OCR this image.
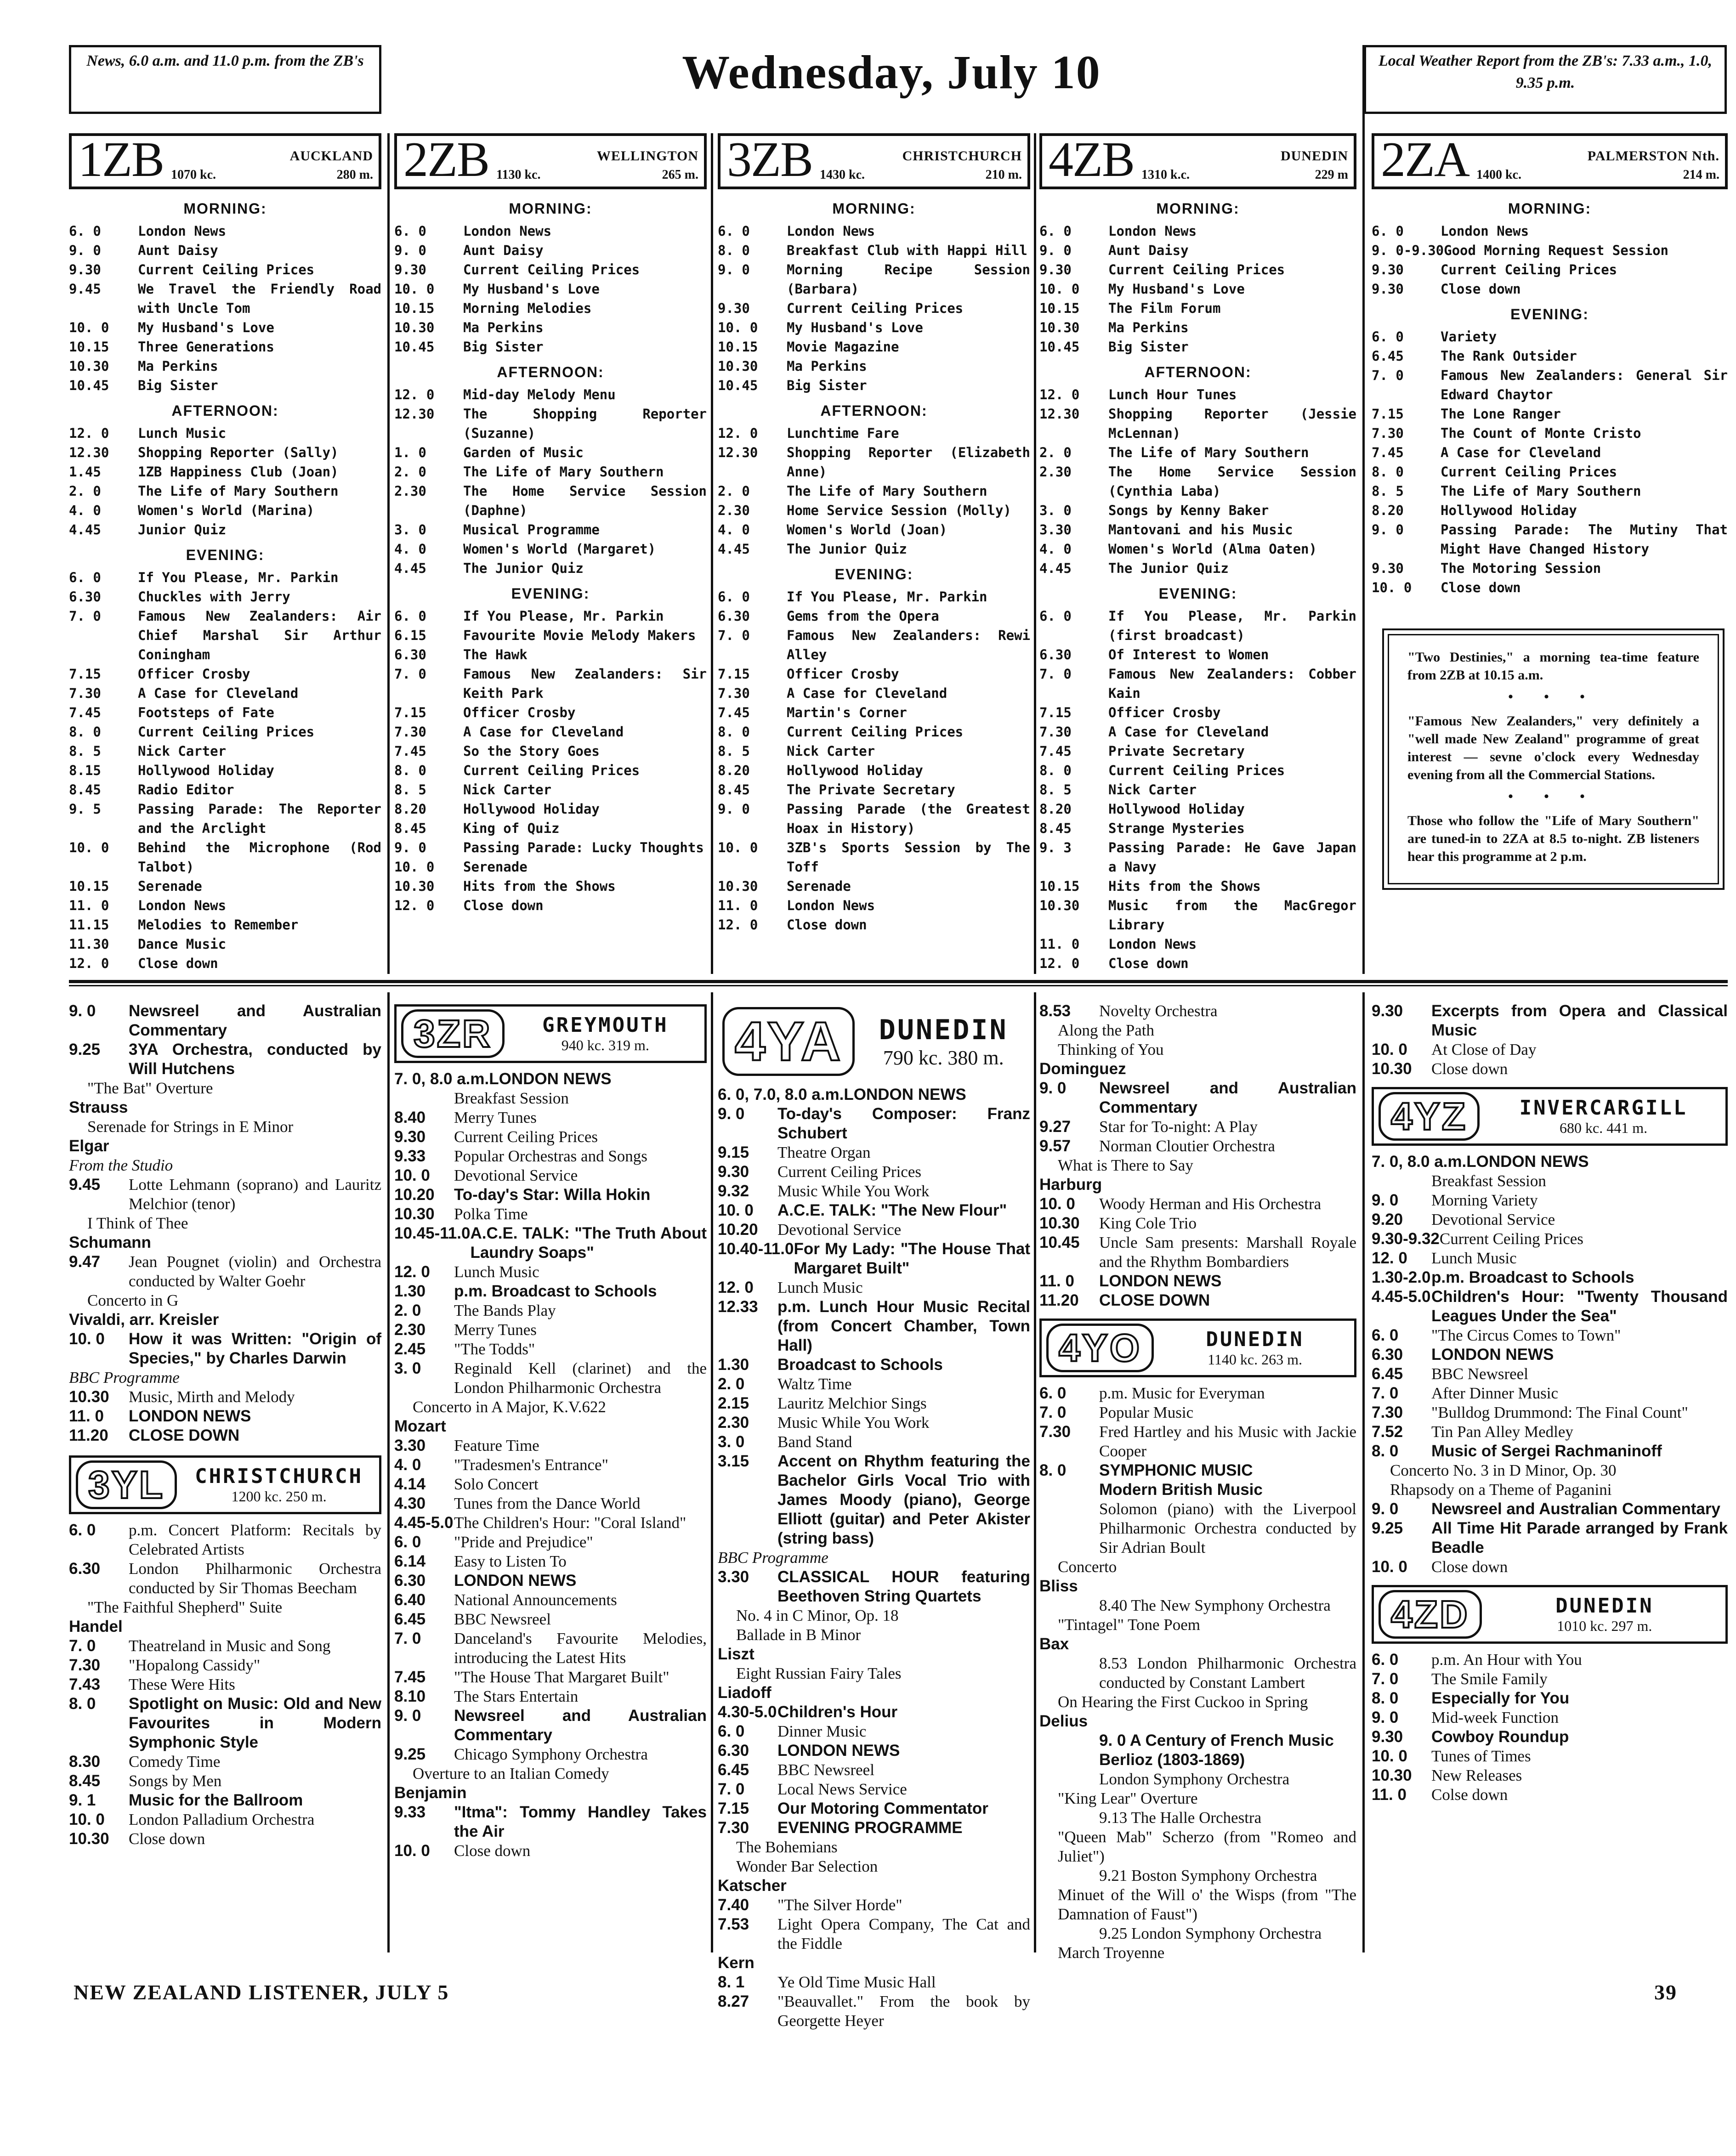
News, 6.0 a.m. and 11.0 p.m. from the ZB's	Wednesday, July 10	Local Weather Report from the ZB's: 7.33 a.m., 1.0, 9.35 p.m.
1ZB	AUCKLAND
1070 kc.	280 m.
MORNING:
6. 0	London News
9. 0	Aunt Daisy
9.30	Current Ceiling Prices
9.45	We Travel the Friendly Road with Uncle Tom
10. 0	My Husband's Love
10.15	Three Generations
10.30	Ma Perkins
10.45	Big Sister
AFTERNOON:
12. 0	Lunch Music
12.30	Shopping Reporter (Sally)
1.45	1ZB Happiness Club (Joan)
2. 0	The Life of Mary Southern
4. 0	Women's World (Marina)
4.45	Junior Quiz
EVENING:
6. 0	If You Please, Mr. Parkin
6.30	Chuckles with Jerry
7. 0	Famous New Zealanders: Air Chief Marshal Sir Arthur Coningham
7.15	Officer Crosby
7.30	A Case for Cleveland
7.45	Footsteps of Fate
8. 0	Current Ceiling Prices
8. 5	Nick Carter
8.15	Hollywood Holiday
8.45	Radio Editor
9. 5	Passing Parade: The Reporter and the Arclight
10. 0	Behind the Microphone (Rod Talbot)
10.15	Serenade
11. 0	London News
11.15	Melodies to Remember
11.30	Dance Music
12. 0	Close down
2ZB	WELLINGTON
1130 kc.	265 m.
MORNING:
6. 0	London News
9. 0	Aunt Daisy
9.30	Current Ceiling Prices
10. 0	My Husband's Love
10.15	Morning Melodies
10.30	Ma Perkins
10.45	Big Sister
AFTERNOON:
12. 0	Mid-day Melody Menu
12.30	The Shopping Reporter (Suzanne)
1. 0	Garden of Music
2. 0	The Life of Mary Southern
2.30	The Home Service Session (Daphne)
3. 0	Musical Programme
4. 0	Women's World (Margaret)
4.45	The Junior Quiz
EVENING:
6. 0	If You Please, Mr. Parkin
6.15	Favourite Movie Melody Makers
6.30	The Hawk
7. 0	Famous New Zealanders: Sir Keith Park
7.15	Officer Crosby
7.30	A Case for Cleveland
7.45	So the Story Goes
8. 0	Current Ceiling Prices
8. 5	Nick Carter
8.20	Hollywood Holiday
8.45	King of Quiz
9. 0	Passing Parade: Lucky Thoughts
10. 0	Serenade
10.30	Hits from the Shows
12. 0	Close down
3ZB	CHRISTCHURCH
1430 kc.	210 m.
MORNING:
6. 0	London News
8. 0	Breakfast Club with Happi Hill
9. 0	Morning Recipe Session (Barbara)
9.30	Current Ceiling Prices
10. 0	My Husband's Love
10.15	Movie Magazine
10.30	Ma Perkins
10.45	Big Sister
AFTERNOON:
12. 0	Lunchtime Fare
12.30	Shopping Reporter (Elizabeth Anne)
2. 0	The Life of Mary Southern
2.30	Home Service Session (Molly)
4. 0	Women's World (Joan)
4.45	The Junior Quiz
EVENING:
6. 0	If You Please, Mr. Parkin
6.30	Gems from the Opera
7. 0	Famous New Zealanders: Rewi Alley
7.15	Officer Crosby
7.30	A Case for Cleveland
7.45	Martin's Corner
8. 0	Current Ceiling Prices
8. 5	Nick Carter
8.20	Hollywood Holiday
8.45	The Private Secretary
9. 0	Passing Parade (the Greatest Hoax in History)
10. 0	3ZB's Sports Session by The Toff
10.30	Serenade
11. 0	London News
12. 0	Close down
4ZB	DUNEDIN
1310 k.c.	229 m
MORNING:
6. 0	London News
9. 0	Aunt Daisy
9.30	Current Ceiling Prices
10. 0	My Husband's Love
10.15	The Film Forum
10.30	Ma Perkins
10.45	Big Sister
AFTERNOON:
12. 0	Lunch Hour Tunes
12.30	Shopping Reporter (Jessie McLennan)
2. 0	The Life of Mary Southern
2.30	The Home Service Session (Cynthia Laba)
3. 0	Songs by Kenny Baker
3.30	Mantovani and his Music
4. 0	Women's World (Alma Oaten)
4.45	The Junior Quiz
EVENING:
6. 0	If You Please, Mr. Parkin (first broadcast)
6.30	Of Interest to Women
7. 0	Famous New Zealanders: Cobber Kain
7.15	Officer Crosby
7.30	A Case for Cleveland
7.45	Private Secretary
8. 0	Current Ceiling Prices
8. 5	Nick Carter
8.20	Hollywood Holiday
8.45	Strange Mysteries
9. 3	Passing Parade: He Gave Japan a Navy
10.15	Hits from the Shows
10.30	Music from the MacGregor Library
11. 0	London News
12. 0	Close down
2ZA	PALMERSTON Nth.
1400 kc.	214 m.
MORNING:
6. 0	London News
9. 0-9.30 Good Morning Request Session
9.30	Current Ceiling Prices
9.30	Close down
EVENING:
6. 0	Variety
6.45	The Rank Outsider
7. 0	Famous New Zealanders: General Sir Edward Chaytor
7.15	The Lone Ranger
7.30	The Count of Monte Cristo
7.45	A Case for Cleveland
8. 0	Current Ceiling Prices
8. 5	The Life of Mary Southern
8.20	Hollywood Holiday
9. 0	Passing Parade: The Mutiny That Might Have Changed History
9.30	The Motoring Session
10. 0	Close down

"Two Destinies," a morning tea-time feature from 2ZB at 10.15 a.m.

• • •

"Famous New Zealanders," very definitely a "well made New Zealand" programme of great interest — sevne o'clock every Wednesday evening from all the Commercial Stations.

• • •

Those who follow the "Life of Mary Southern" are tuned-in to 2ZA at 8.5 to-night. ZB listeners hear this programme at 2 p.m.

9. 0	Newsreel and Australian Commentary
9.25	3YA Orchestra, conducted by Will Hutchens
"The Bat" Overture
Strauss
Serenade for Strings in E Minor
Elgar
From the Studio
9.45	Lotte Lehmann (soprano) and Lauritz Melchior (tenor)
I Think of Thee
Schumann
9.47	Jean Pougnet (violin) and Orchestra conducted by Walter Goehr
Concerto in G
Vivaldi, arr. Kreisler
10. 0	How it was Written: "Origin of Species," by Charles Darwin
BBC Programme
10.30	Music, Mirth and Melody
11. 0	LONDON NEWS
11.20	CLOSE DOWN
3YL	CHRISTCHURCH
1200 kc. 250 m.
6. 0	p.m. Concert Platform: Recitals by Celebrated Artists
6.30	London Philharmonic Orchestra conducted by Sir Thomas Beecham
"The Faithful Shepherd" Suite
Handel
7. 0	Theatreland in Music and Song
7.30	"Hopalong Cassidy"
7.43	These Were Hits
8. 0	Spotlight on Music: Old and New Favourites in Modern Symphonic Style
8.30	Comedy Time
8.45	Songs by Men
9. 1	Music for the Ballroom
10. 0	London Palladium Orchestra
10.30	Close down
3ZR	GREYMOUTH
940 kc. 319 m.
7. 0, 8.0 a.m. LONDON NEWS
Breakfast Session
8.40	Merry Tunes
9.30	Current Ceiling Prices
9.33	Popular Orchestras and Songs
10. 0	Devotional Service
10.20	To-day's Star: Willa Hokin
10.30	Polka Time
10.45-11.0 A.C.E. TALK: "The Truth About Laundry Soaps"
12. 0	Lunch Music
1.30	p.m. Broadcast to Schools
2. 0	The Bands Play
2.30	Merry Tunes
2.45	"The Todds"
3. 0	Reginald Kell (clarinet) and the London Philharmonic Orchestra
Concerto in A Major, K.V.622
Mozart
3.30	Feature Time
4. 0	"Tradesmen's Entrance"
4.14	Solo Concert
4.30	Tunes from the Dance World
4.45-5.0 The Children's Hour: "Coral Island"
6. 0	"Pride and Prejudice"
6.14	Easy to Listen To
6.30	LONDON NEWS
6.40	National Announcements
6.45	BBC Newsreel
7. 0	Danceland's Favourite Melodies, introducing the Latest Hits
7.45	"The House That Margaret Built"
8.10	The Stars Entertain
9. 0	Newsreel and Australian Commentary
9.25	Chicago Symphony Orchestra
Overture to an Italian Comedy
Benjamin
9.33	"Itma": Tommy Handley Takes the Air
10. 0	Close down
4YA	DUNEDIN
790 kc. 380 m.
6. 0, 7.0, 8.0 a.m. LONDON NEWS
9. 0	To-day's Composer: Franz Schubert
9.15	Theatre Organ
9.30	Current Ceiling Prices
9.32	Music While You Work
10. 0	A.C.E. TALK: "The New Flour"
10.20	Devotional Service
10.40-11.0 For My Lady: "The House That Margaret Built"
12. 0	Lunch Music
12.33	p.m. Lunch Hour Music Recital (from Concert Chamber, Town Hall)
1.30	Broadcast to Schools
2. 0	Waltz Time
2.15	Lauritz Melchior Sings
2.30	Music While You Work
3. 0	Band Stand
3.15	Accent on Rhythm featuring the Bachelor Girls Vocal Trio with James Moody (piano), George Elliott (guitar) and Peter Akister (string bass)
BBC Programme
3.30	CLASSICAL HOUR featuring Beethoven String Quartets
No. 4 in C Minor, Op. 18
Ballade in B Minor
Liszt
Eight Russian Fairy Tales
Liadoff
4.30-5.0 Children's Hour
6. 0	Dinner Music
6.30	LONDON NEWS
6.45	BBC Newsreel
7. 0	Local News Service
7.15	Our Motoring Commentator
7.30	EVENING PROGRAMME
The Bohemians
Wonder Bar Selection
Katscher
7.40	"The Silver Horde"
7.53	Light Opera Company, The Cat and the Fiddle
Kern
8. 1	Ye Old Time Music Hall
8.27	"Beauvallet." From the book by Georgette Heyer
8.53	Novelty Orchestra
Along the Path
Thinking of You
Dominguez
9. 0	Newsreel and Australian Commentary
9.27	Star for To-night: A Play
9.57	Norman Cloutier Orchestra
What is There to Say
Harburg
10. 0	Woody Herman and His Orchestra
10.30	King Cole Trio
10.45	Uncle Sam presents: Marshall Royale and the Rhythm Bombardiers
11. 0	LONDON NEWS
11.20	CLOSE DOWN
4YO	DUNEDIN
1140 kc. 263 m.
6. 0	p.m. Music for Everyman
7. 0	Popular Music
7.30	Fred Hartley and his Music with Jackie Cooper
8. 0	SYMPHONIC MUSIC
Modern British Music
Solomon (piano) with the Liverpool Philharmonic Orchestra conducted by Sir Adrian Boult
Concerto
Bliss
8.40 The New Symphony Orchestra
"Tintagel" Tone Poem
Bax
8.53 London Philharmonic Orchestra conducted by Constant Lambert
On Hearing the First Cuckoo in Spring
Delius
9. 0 A Century of French Music
Berlioz (1803-1869)
London Symphony Orchestra
"King Lear" Overture
9.13 The Halle Orchestra
"Queen Mab" Scherzo (from "Romeo and Juliet")
9.21 Boston Symphony Orchestra
Minuet of the Will o' the Wisps (from "The Damnation of Faust")
9.25 London Symphony Orchestra
March Troyenne
9.30	Excerpts from Opera and Classical Music
10. 0	At Close of Day
10.30	Close down
4YZ	INVERCARGILL
680 kc. 441 m.
7. 0, 8.0 a.m. LONDON NEWS
Breakfast Session
9. 0	Morning Variety
9.20	Devotional Service
9.30-9.32 Current Ceiling Prices
12. 0	Lunch Music
1.30-2.0 p.m. Broadcast to Schools
4.45-5.0 Children's Hour: "Twenty Thousand Leagues Under the Sea"
6. 0	"The Circus Comes to Town"
6.30	LONDON NEWS
6.45	BBC Newsreel
7. 0	After Dinner Music
7.30	"Bulldog Drummond: The Final Count"
7.52	Tin Pan Alley Medley
8. 0	Music of Sergei Rachmaninoff
Concerto No. 3 in D Minor, Op. 30
Rhapsody on a Theme of Paganini
9. 0	Newsreel and Australian Commentary
9.25	All Time Hit Parade arranged by Frank Beadle
10. 0	Close down
4ZD	DUNEDIN
1010 kc. 297 m.
6. 0	p.m. An Hour with You
7. 0	The Smile Family
8. 0	Especially for You
9. 0	Mid-week Function
9.30	Cowboy Roundup
10. 0	Tunes of Times
10.30	New Releases
11. 0	Colse down
NEW ZEALAND LISTENER, JULY 5	39
